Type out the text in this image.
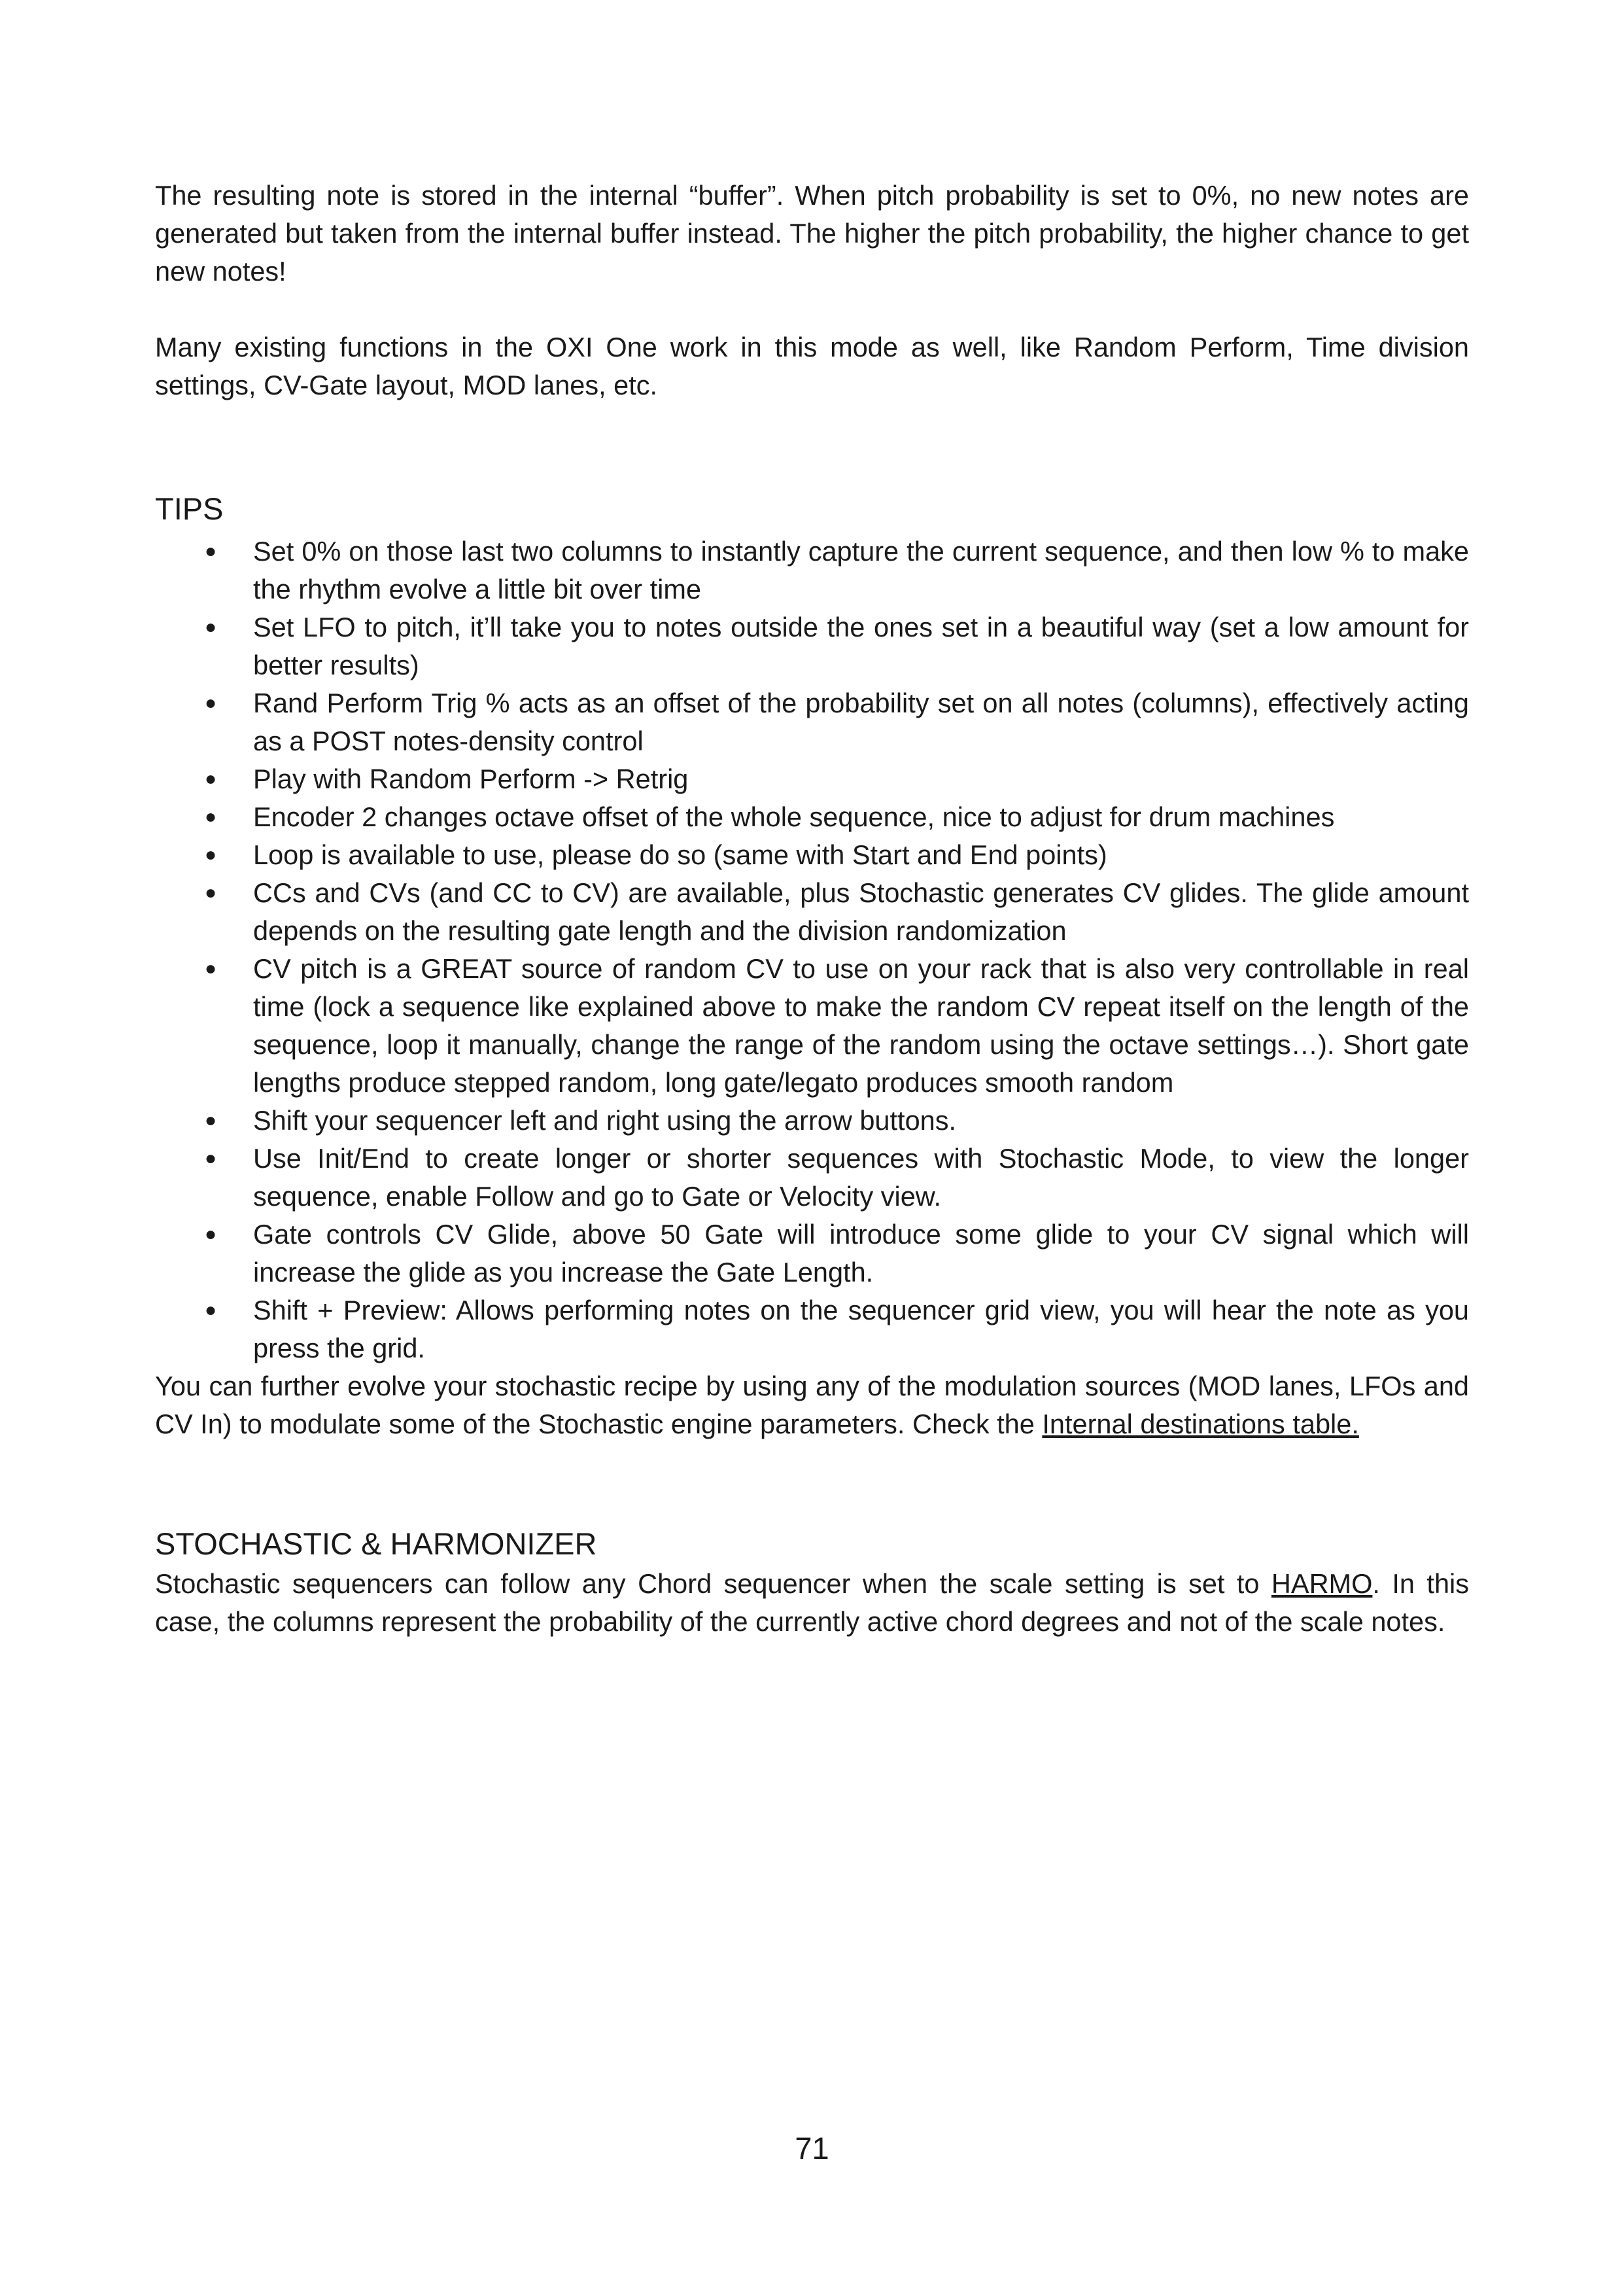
The resulting note is stored in the internal “buffer”. When pitch probability is set to 0%, no new notes are generated but taken from the internal buffer instead. The higher the pitch probability, the higher chance to get new notes!

Many existing functions in the OXI One work in this mode as well, like Random Perform, Time division settings, CV-Gate layout, MOD lanes, etc.

TIPS
● Set 0% on those last two columns to instantly capture the current sequence, and then low % to make the rhythm evolve a little bit over time
● Set LFO to pitch, it’ll take you to notes outside the ones set in a beautiful way (set a low amount for better results)
● Rand Perform Trig % acts as an offset of the probability set on all notes (columns), effectively acting as a POST notes-density control
● Play with Random Perform -> Retrig
● Encoder 2 changes octave offset of the whole sequence, nice to adjust for drum machines
● Loop is available to use, please do so (same with Start and End points)
● CCs and CVs (and CC to CV) are available, plus Stochastic generates CV glides. The glide amount depends on the resulting gate length and the division randomization
● CV pitch is a GREAT source of random CV to use on your rack that is also very controllable in real time (lock a sequence like explained above to make the random CV repeat itself on the length of the sequence, loop it manually, change the range of the random using the octave settings…). Short gate lengths produce stepped random, long gate/legato produces smooth random
● Shift your sequencer left and right using the arrow buttons.
● Use Init/End to create longer or shorter sequences with Stochastic Mode, to view the longer sequence, enable Follow and go to Gate or Velocity view.
● Gate controls CV Glide, above 50 Gate will introduce some glide to your CV signal which will increase the glide as you increase the Gate Length.
● Shift + Preview: Allows performing notes on the sequencer grid view, you will hear the note as you press the grid.

You can further evolve your stochastic recipe by using any of the modulation sources (MOD lanes, LFOs and CV In) to modulate some of the Stochastic engine parameters. Check the Internal destinations table.

STOCHASTIC & HARMONIZER

Stochastic sequencers can follow any Chord sequencer when the scale setting is set to HARMO. In this case, the columns represent the probability of the currently active chord degrees and not of the scale notes.

71
